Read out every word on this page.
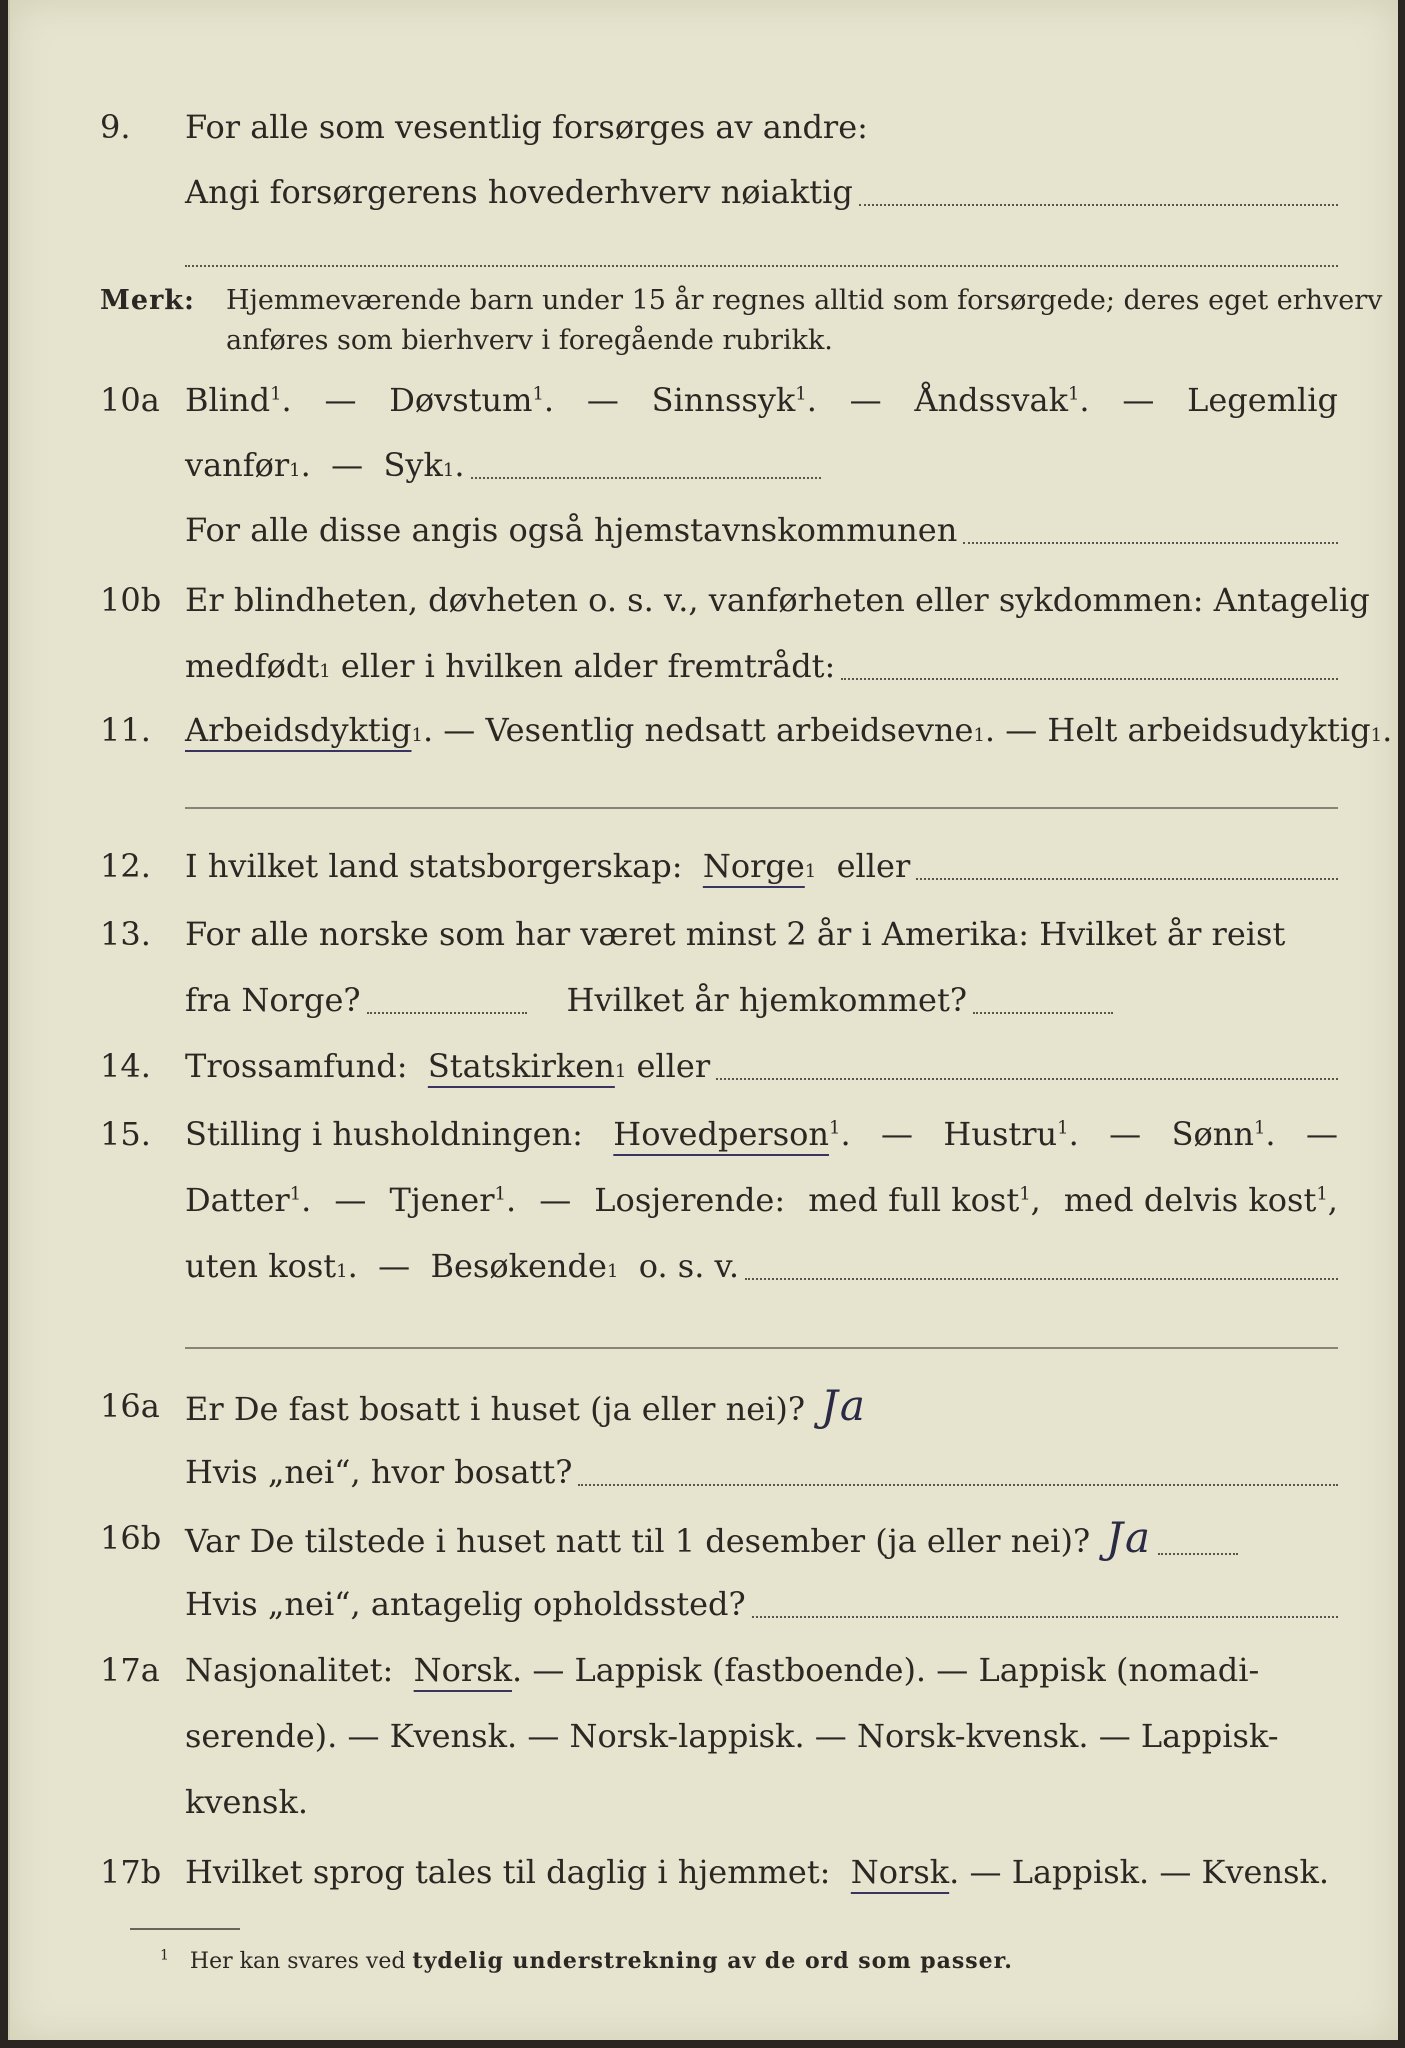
9. For alle som vesentlig forsørges av andre:
Angi forsørgerens hovederhverv nøiaktig
Merk: Hjemmeværende barn under 15 år regnes alltid som forsørgede; deres eget erhverv
anføres som bierhverv i foregående rubrikk.
10a Blind$^1$. — Døvstum$^1$. — Sinnssyk$^1$. — Åndssvak$^1$. — Legemlig
vanfør 1 .  — Syk 1 .
For alle disse angis også hjemstavnskommunen
10b Er blindheten, døvheten o. s. v., vanførheten eller sykdommen: Antagelig
medfødt 1
eller i hvilken alder fremtrådt:
11. Arbeidsdyktig 1 . — Vesentlig nedsatt arbeidsevne 1 . — Helt arbeidsudyktig 1 .
12. I hvilket land statsborgerskap:
Norge 1
eller
13. For alle norske som har været minst 2 år i Amerika: Hvilket år reist
fra Norge?	Hvilket år hjemkommet?
14. Trossamfund:
Statskirken 1
eller
15. Stilling i husholdningen: Hovedperson$^1$. — Hustru$^1$. — Sønn$^1$. —
Datter$^1$. — Tjener$^1$. — Losjerende: med full kost$^1$, med delvis kost$^1$,
uten kost 1 .  — Besøkende 1
o. s. v.
16a Er De fast bosatt i huset (ja eller nei)? Ja
Hvis „nei“, hvor bosatt?
16b Var De tilstede i huset natt til 1 desember (ja eller nei)? Ja
Hvis „nei“, antagelig opholdssted?
17a Nasjonalitet:
Norsk . — Lappisk (fastboende). — Lappisk (nomadi-
serende). — Kvensk. — Norsk-lappisk. — Norsk-kvensk. — Lappisk-
kvensk.
17b Hvilket sprog tales til daglig i hjemmet:
Norsk . — Lappisk. — Kvensk.
$^1$ Her kan svares ved tydelig understrekning av de ord som passer.
